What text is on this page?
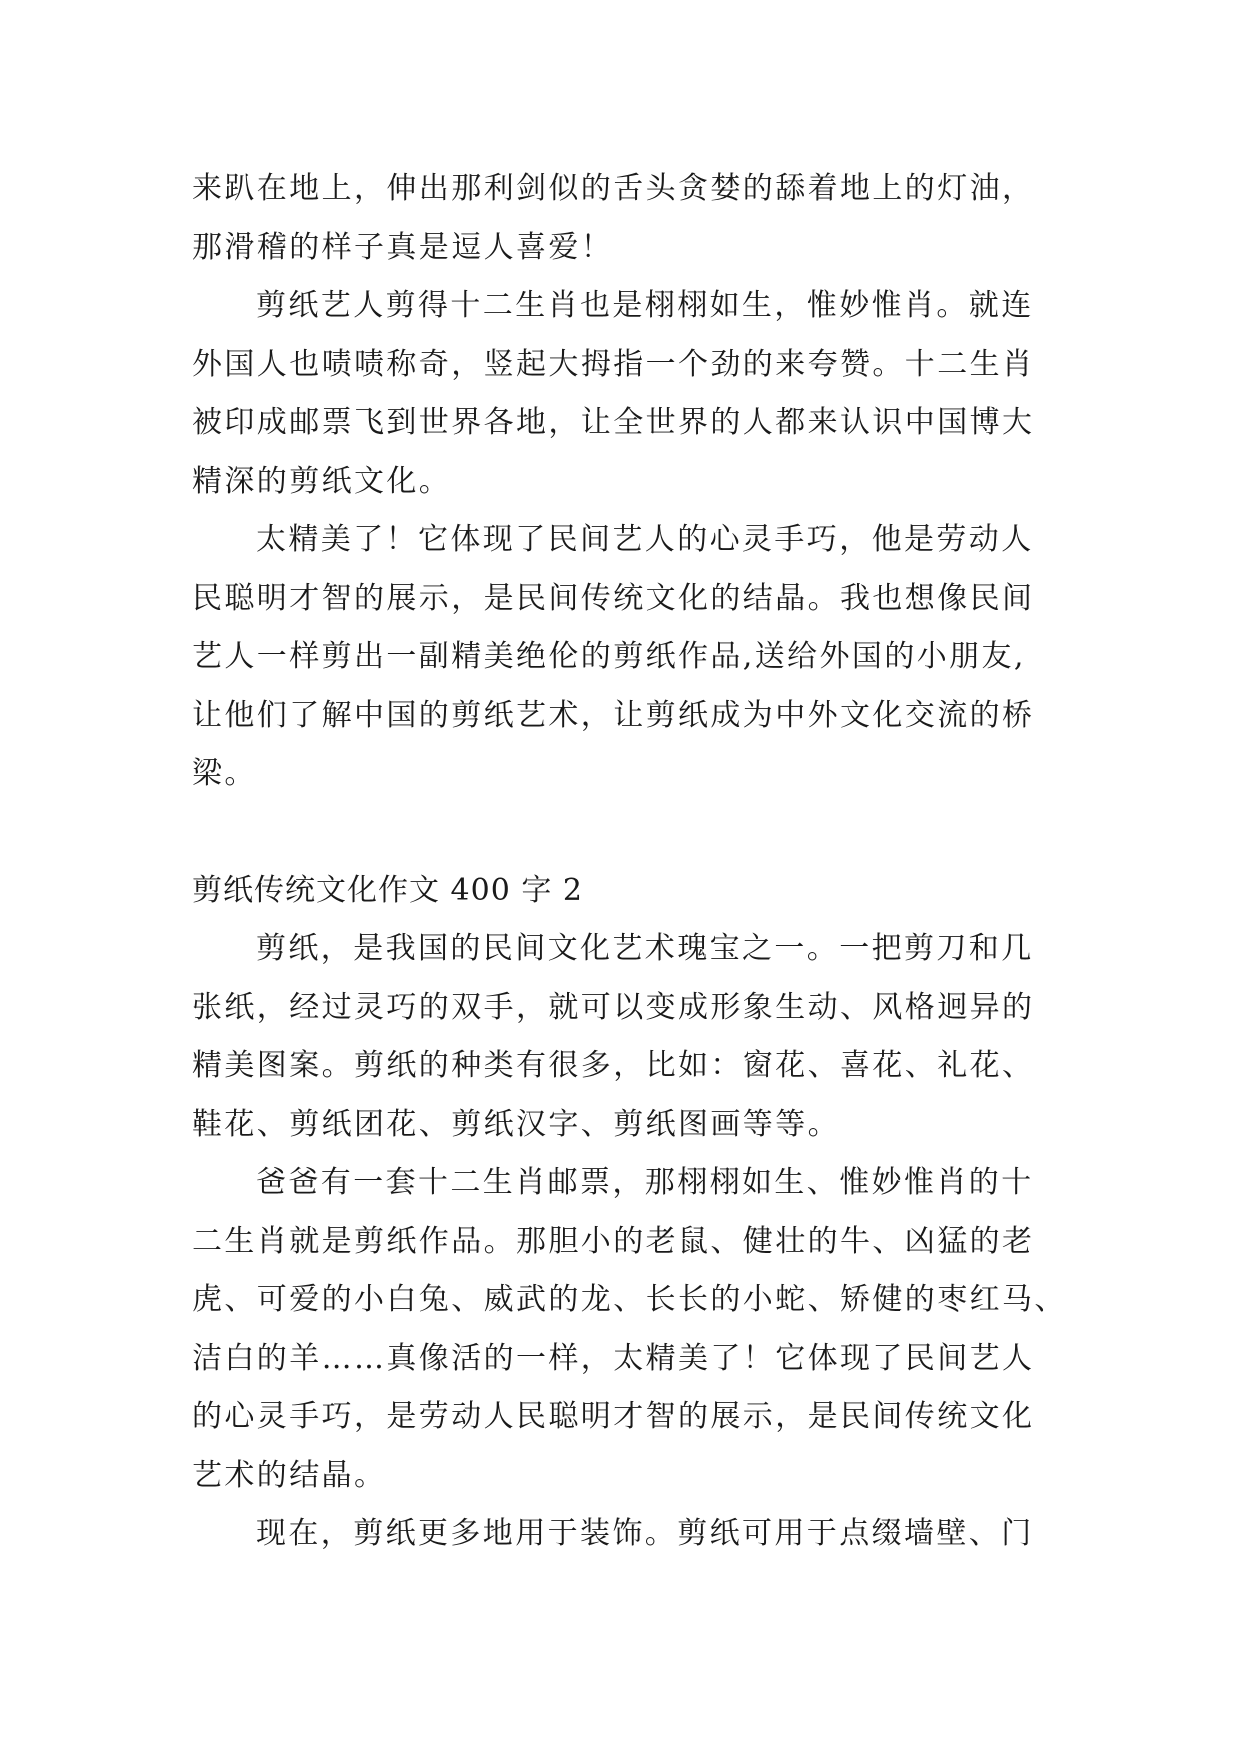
来趴在地上，伸出那利剑似的舌头贪婪的舔着地上的灯油，
那滑稽的样子真是逗人喜爱！

剪纸艺人剪得十二生肖也是栩栩如生，惟妙惟肖。就连
外国人也啧啧称奇，竖起大拇指一个劲的来夸赞。十二生肖
被印成邮票飞到世界各地，让全世界的人都来认识中国博大
精深的剪纸文化。

太精美了！它体现了民间艺人的心灵手巧，他是劳动人
民聪明才智的展示，是民间传统文化的结晶。我也想像民间
艺人一样剪出一副精美绝伦的剪纸作品,送给外国的小朋友,
让他们了解中国的剪纸艺术，让剪纸成为中外文化交流的桥
梁。

剪纸传统文化作文 400 字 2

剪纸，是我国的民间文化艺术瑰宝之一。一把剪刀和几
张纸，经过灵巧的双手，就可以变成形象生动、风格迥异的
精美图案。剪纸的种类有很多，比如：窗花、喜花、礼花、
鞋花、剪纸团花、剪纸汉字、剪纸图画等等。

爸爸有一套十二生肖邮票，那栩栩如生、惟妙惟肖的十
二生肖就是剪纸作品。那胆小的老鼠、健壮的牛、凶猛的老
虎、可爱的小白兔、威武的龙、长长的小蛇、矫健的枣红马、
洁白的羊……真像活的一样，太精美了！它体现了民间艺人
的心灵手巧，是劳动人民聪明才智的展示，是民间传统文化
艺术的结晶。

现在，剪纸更多地用于装饰。剪纸可用于点缀墙壁、门
